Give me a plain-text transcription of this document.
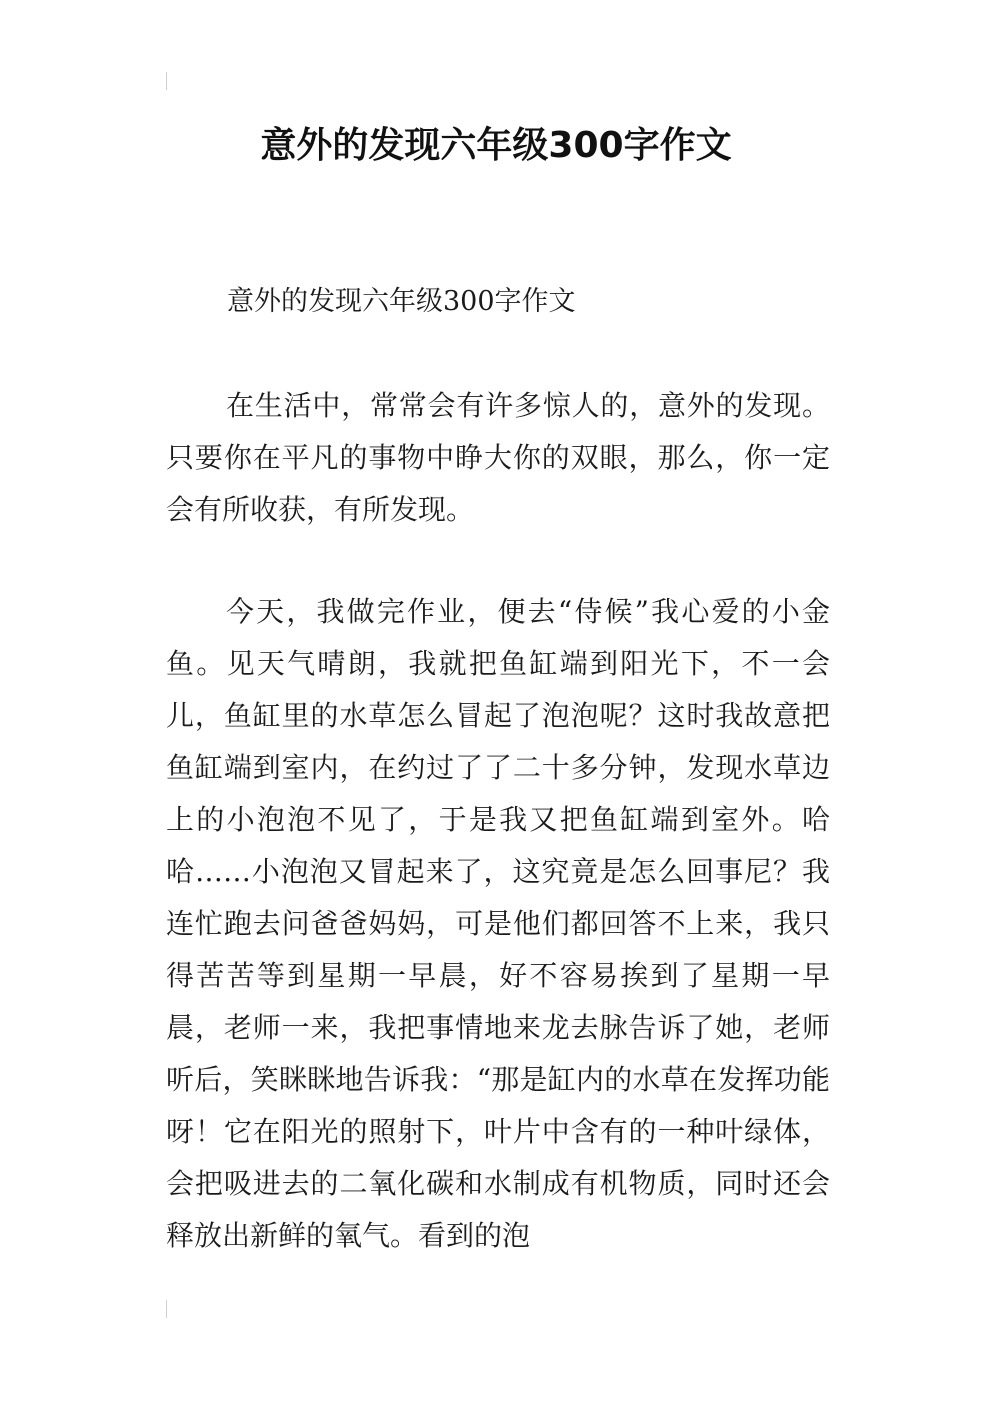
意外的发现六年级300字作文
意外的发现六年级300字作文

在生活中，常常会有许多惊人的，意外的发现。只要你在平凡的事物中睁大你的双眼，那么，你一定会有所收获，有所发现。

今天，我做完作业，便去“侍候”我心爱的小金鱼。见天气晴朗，我就把鱼缸端到阳光下，不一会儿，鱼缸里的水草怎么冒起了泡泡呢？这时我故意把鱼缸端到室内，在约过了了二十多分钟，发现水草边上的小泡泡不见了，于是我又把鱼缸端到室外。哈哈……小泡泡又冒起来了，这究竟是怎么回事尼？我连忙跑去问爸爸妈妈，可是他们都回答不上来，我只得苦苦等到星期一早晨，好不容易挨到了星期一早晨，老师一来，我把事情地来龙去脉告诉了她，老师听后，笑眯眯地告诉我：“那是缸内的水草在发挥功能呀！它在阳光的照射下，叶片中含有的一种叶绿体，会把吸进去的二氧化碳和水制成有机物质，同时还会释放出新鲜的氧气。看到的泡
